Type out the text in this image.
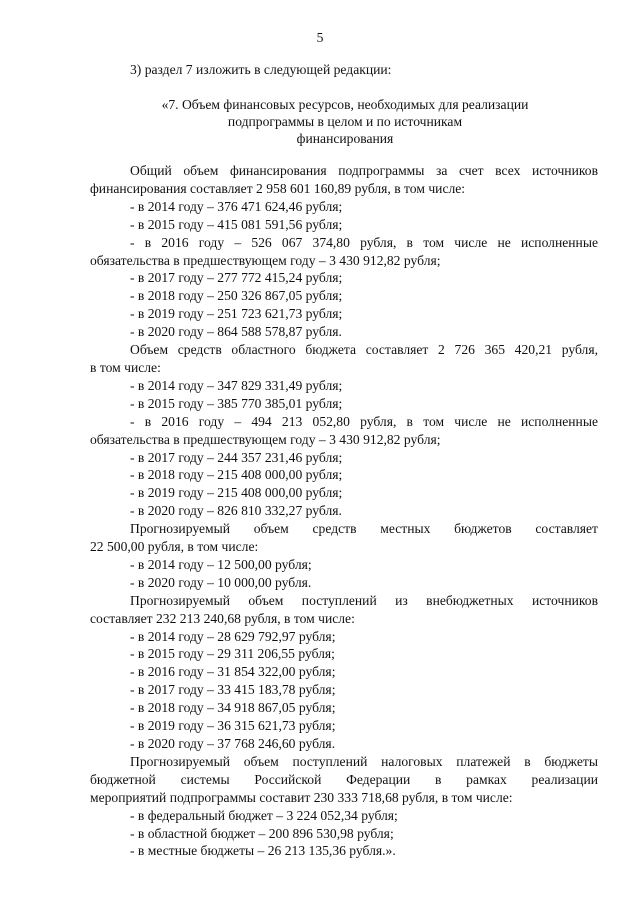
5
3) раздел 7 изложить в следующей редакции:
«7. Объем финансовых ресурсов, необходимых для реализации
подпрограммы в целом и по источникам
финансирования
Общий объем финансирования подпрограммы за счет всех источников
финансирования составляет 2 958 601 160,89 рубля, в том числе:
- в 2014 году – 376 471 624,46 рубля;
- в 2015 году – 415 081 591,56 рубля;
- в 2016 году – 526 067 374,80 рубля, в том числе не исполненные
обязательства в предшествующем году – 3 430 912,82 рубля;
- в 2017 году – 277 772 415,24 рубля;
- в 2018 году – 250 326 867,05 рубля;
- в 2019 году – 251 723 621,73 рубля;
- в 2020 году – 864 588 578,87 рубля.
Объем средств областного бюджета составляет 2 726 365 420,21 рубля,
в том числе:
- в 2014 году – 347 829 331,49 рубля;
- в 2015 году – 385 770 385,01 рубля;
- в 2016 году – 494 213 052,80 рубля, в том числе не исполненные
обязательства в предшествующем году – 3 430 912,82 рубля;
- в 2017 году – 244 357 231,46 рубля;
- в 2018 году – 215 408 000,00 рубля;
- в 2019 году – 215 408 000,00 рубля;
- в 2020 году – 826 810 332,27 рубля.
Прогнозируемый объем средств местных бюджетов составляет
22 500,00 рубля, в том числе:
- в 2014 году – 12 500,00 рубля;
- в 2020 году – 10 000,00 рубля.
Прогнозируемый объем поступлений из внебюджетных источников
составляет 232 213 240,68 рубля, в том числе:
- в 2014 году – 28 629 792,97 рубля;
- в 2015 году – 29 311 206,55 рубля;
- в 2016 году – 31 854 322,00 рубля;
- в 2017 году – 33 415 183,78 рубля;
- в 2018 году – 34 918 867,05 рубля;
- в 2019 году – 36 315 621,73 рубля;
- в 2020 году – 37 768 246,60 рубля.
Прогнозируемый объем поступлений налоговых платежей в бюджеты
бюджетной системы Российской Федерации в рамках реализации
мероприятий подпрограммы составит 230 333 718,68 рубля, в том числе:
- в федеральный бюджет – 3 224 052,34 рубля;
- в областной бюджет – 200 896 530,98 рубля;
- в местные бюджеты – 26 213 135,36 рубля.».
